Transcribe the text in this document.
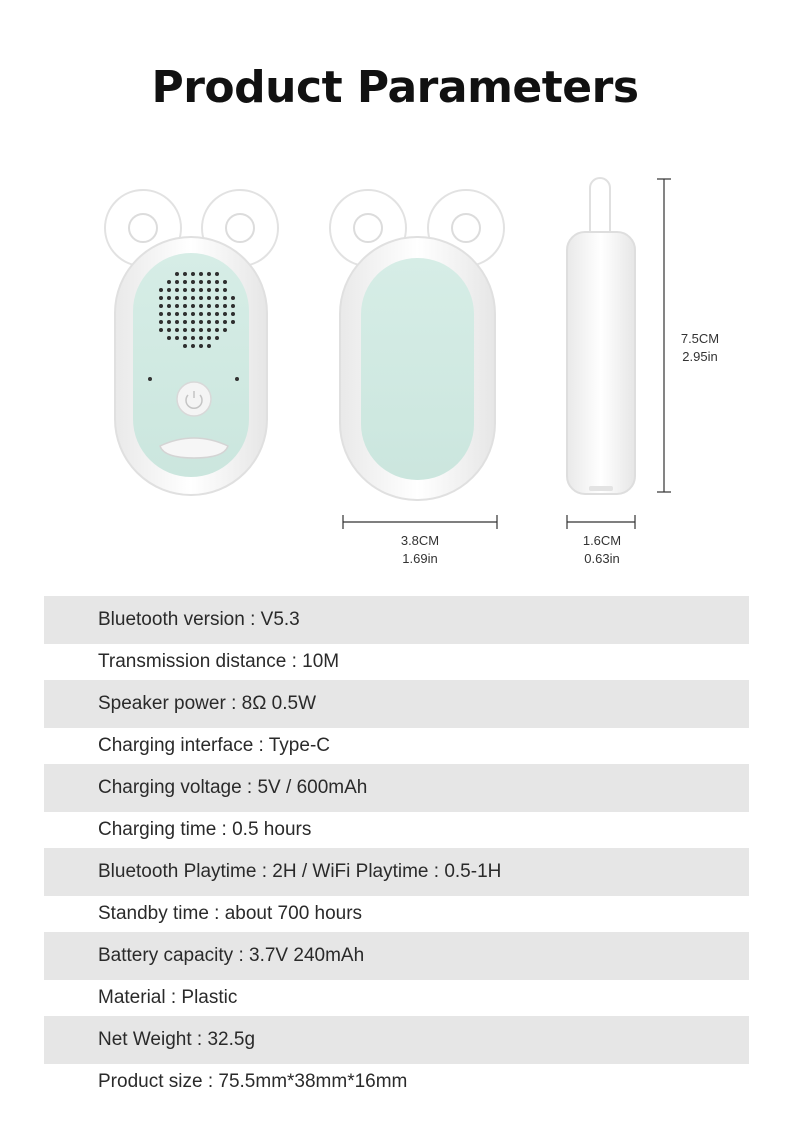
Product Parameters
7.5CM
2.95in
3.8CM
1.69in
1.6CM
0.63in
Bluetooth version : V5.3
Transmission distance : 10M
Speaker power : 8Ω 0.5W
Charging interface : Type-C
Charging voltage : 5V / 600mAh
Charging time : 0.5 hours
Bluetooth Playtime : 2H / WiFi Playtime : 0.5-1H
Standby time : about 700 hours
Battery capacity : 3.7V 240mAh
Material : Plastic
Net Weight : 32.5g
Product size : 75.5mm*38mm*16mm
